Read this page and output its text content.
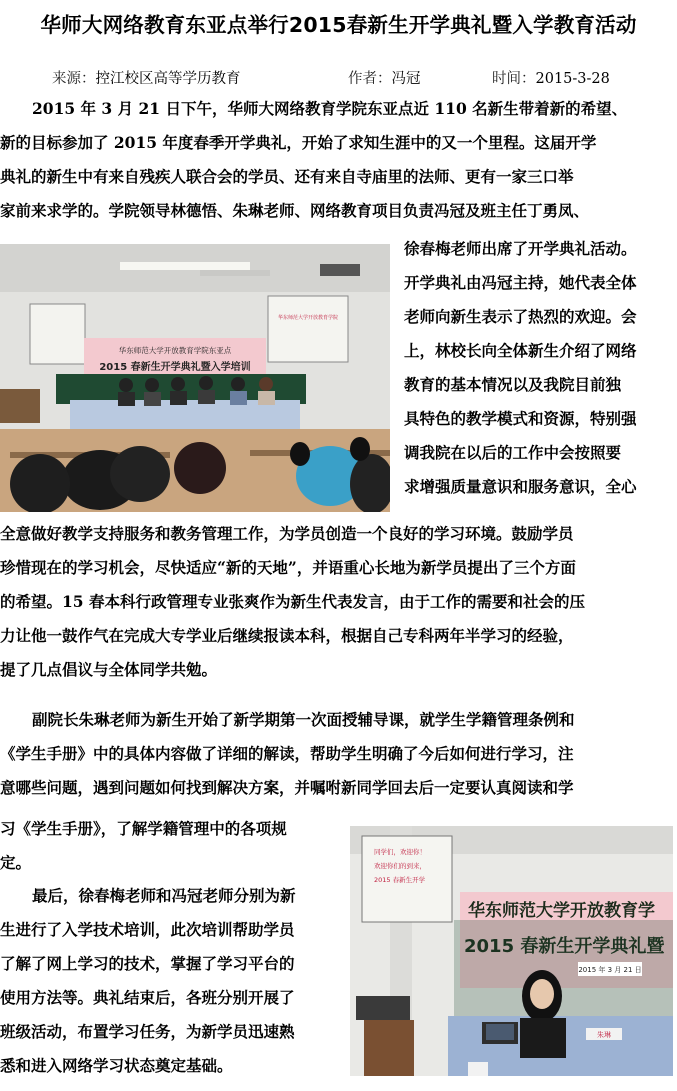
华师大网络教育东亚点举行2015春新生开学典礼暨入学教育活动
来源：控江校区高等学历教育	作者：冯冠	时间：2015-3-28
2015 年 3 月 21 日下午，华师大网络教育学院东亚点近 110 名新生带着新的希望、
新的目标参加了 2015 年度春季开学典礼，开始了求知生涯中的又一个里程。这届开学
典礼的新生中有来自残疾人联合会的学员、还有来自寺庙里的法师、更有一家三口举
家前来求学的。学院领导林德悟、朱琳老师、网络教育项目负责冯冠及班主任丁勇凤、
徐春梅老师出席了开学典礼活动。
开学典礼由冯冠主持，她代表全体
老师向新生表示了热烈的欢迎。会
上，林校长向全体新生介绍了网络
教育的基本情况以及我院目前独
具特色的教学模式和资源，特别强
调我院在以后的工作中会按照要
求增强质量意识和服务意识，全心
全意做好教学支持服务和教务管理工作，为学员创造一个良好的学习环境。鼓励学员
珍惜现在的学习机会，尽快适应“新的天地”，并语重心长地为新学员提出了三个方面
的希望。15 春本科行政管理专业张爽作为新生代表发言，由于工作的需要和社会的压
力让他一鼓作气在完成大专学业后继续报读本科，根据自己专科两年半学习的经验，
提了几点倡议与全体同学共勉。
副院长朱琳老师为新生开始了新学期第一次面授辅导课，就学生学籍管理条例和
《学生手册》中的具体内容做了详细的解读，帮助学生明确了今后如何进行学习，注
意哪些问题，遇到问题如何找到解决方案，并嘱咐新同学回去后一定要认真阅读和学
习《学生手册》，了解学籍管理中的各项规
定。
最后，徐春梅老师和冯冠老师分别为新
生进行了入学技术培训，此次培训帮助学员
了解了网上学习的技术，掌握了学习平台的
使用方法等。典礼结束后，各班分别开展了
班级活动，布置学习任务，为新学员迅速熟
悉和进入网络学习状态奠定基础。
华东师范大学开放教育学院
华东师范大学开放教育学院东亚点
2015 春新生开学典礼暨入学培训
同学们，欢迎你！
欢迎你们的到来，
2015 春新生开学
华东师范大学开放教育学
2015 春新生开学典礼暨
2015 年 3 月 21 日
朱琳
